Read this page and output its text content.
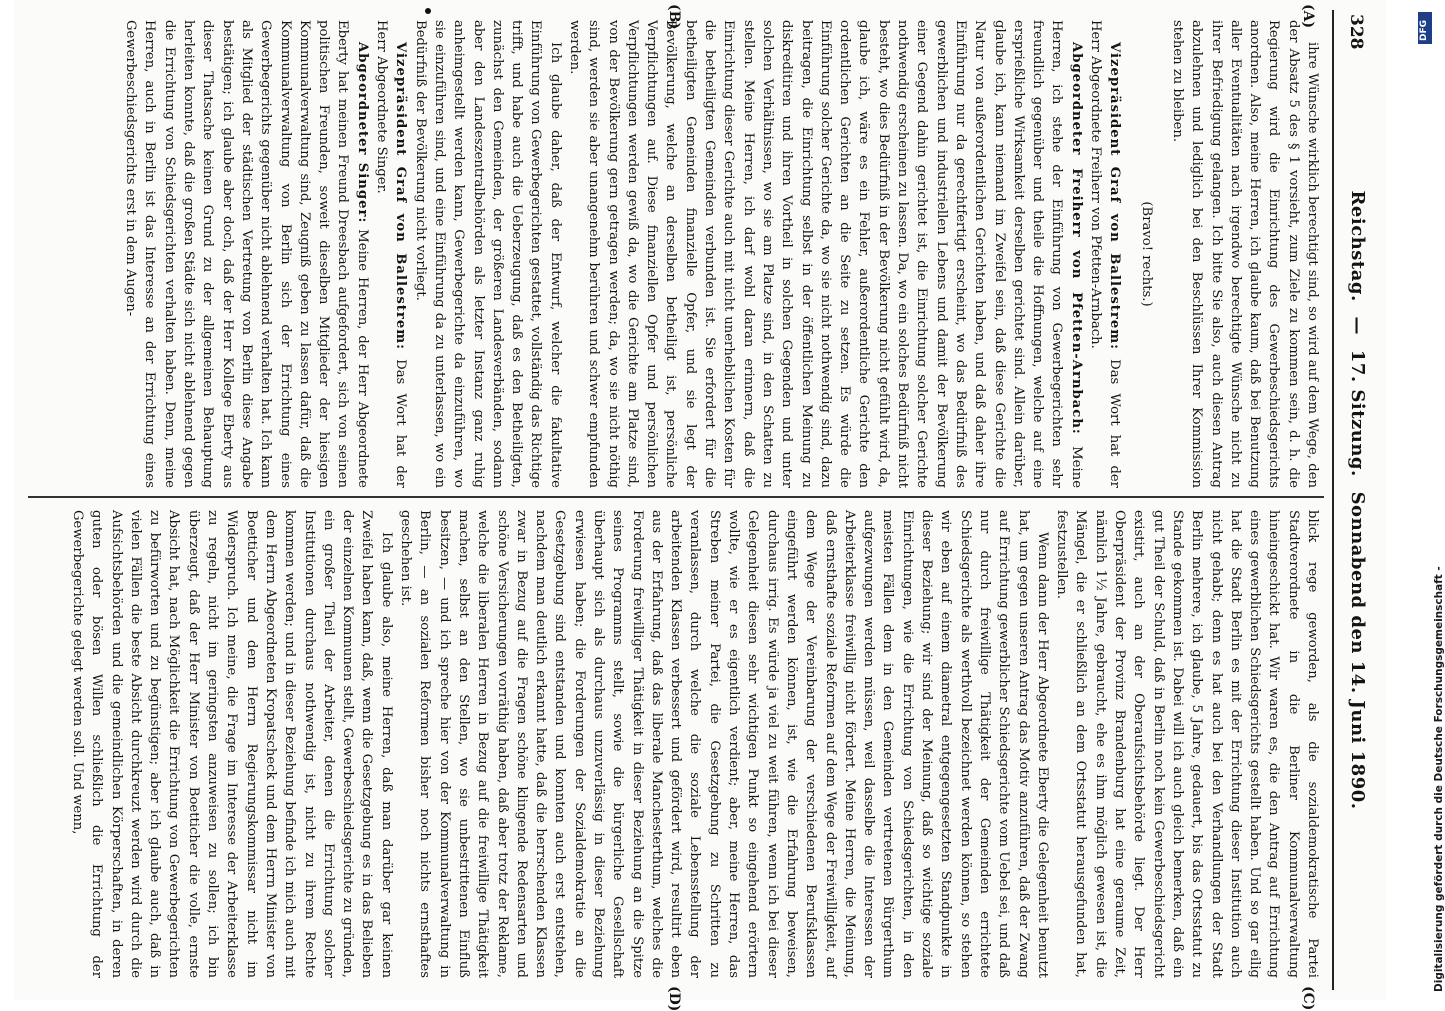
328
Reichstag. — 17. Sitzung. Sonnabend den 14. Juni 1890.
(A)
(B)
(C)
(D)

ihre Wünsche wirklich berechtigt sind, so wird auf dem Wege, den der Absatz 5 des § 1 vorsieht, zum Ziele zu kommen sein, d. h. die Regierung wird die Einrichtung des Gewerbeschiedsgerichts anordnen. Also, meine Herren, ich glaube kaum, daß bei Benutzung aller Eventualitäten nach irgendwo berechtigte Wünsche nicht zu ihrer Befriedigung gelangen. Ich bitte Sie also, auch diesen Antrag abzulehnen und lediglich bei den Beschlüssen Ihrer Kommission stehen zu bleiben.

(Bravo! rechts.)

Vizepräsident Graf von Ballestrem: Das Wort hat der Herr Abgeordnete Freiherr von Pfetten-Arnbach.

Abgeordneter Freiherr von Pfetten-Arnbach: Meine Herren, ich stehe der Einführung von Gewerbegerichten sehr freundlich gegenüber und theile die Hoffnungen, welche auf eine ersprießliche Wirksamkeit derselben gerichtet sind. Allein darüber, glaube ich, kann niemand im Zweifel sein, daß diese Gerichte die Natur von außerordentlichen Gerichten haben, und daß daher ihre Einführung nur da gerechtfertigt erscheint, wo das Bedürfniß des gewerblichen und industriellen Lebens und damit der Bevölkerung einer Gegend dahin gerichtet ist, die Einrichtung solcher Gerichte nothwendig erscheinen zu lassen. Da, wo ein solches Bedürfniß nicht besteht, wo dies Bedürfniß in der Bevölkerung nicht gefühlt wird, da, glaube ich, wäre es ein Fehler, außerordentliche Gerichte den ordentlichen Gerichten an die Seite zu setzen. Es würde die Einführung solcher Gerichte da, wo sie nicht nothwendig sind, dazu beitragen, die Einrichtung selbst in der öffentlichen Meinung zu diskreditiren und ihren Vortheil in solchen Gegenden und unter solchen Verhältnissen, wo sie am Platze sind, in den Schatten zu stellen. Meine Herren, ich darf wohl daran erinnern, daß die Einrichtung dieser Gerichte auch mit nicht unerheblichen Kosten für die betheiligten Gemeinden verbunden ist. Sie erfordert für die betheiligten Gemeinden finanzielle Opfer, und sie legt der Bevölkerung, welche an derselben betheiligt ist, persönliche Verpflichtungen auf. Diese finanziellen Opfer und persönlichen Verpflichtungen werden gewiß da, wo die Gerichte am Platze sind, von der Bevölkerung gern getragen werden; da, wo sie nicht nöthig sind, werden sie aber unangenehm berühren und schwer empfunden werden.

Ich glaube daher, daß der Entwurf, welcher die fakultative Einführung von Gewerbegerichten gestattet, vollständig das Richtige trifft, und habe auch die Ueberzeugung, daß es den Betheiligten, zunächst den Gemeinden, der größeren Landesverbänden, sodann aber den Landeszentralbehörden als letzter Instanz ganz ruhig anheimgestellt werden kann, Gewerbegerichte da einzuführen, wo sie einzuführen sind, und eine Einführung da zu unterlassen, wo ein Bedürfniß der Bevölkerung nicht vorliegt.

Vizepräsident Graf von Ballestrem: Das Wort hat der Herr Abgeordnete Singer.

Abgeordneter Singer: Meine Herren, der Herr Abgeordnete Eberty hat meinen Freund Dreesbach aufgefordert, sich von seinen politischen Freunden, soweit dieselben Mitglieder der hiesigen Kommunalverwaltung sind, Zeugniß geben zu lassen dafür, daß die Kommunalverwaltung von Berlin sich der Errichtung eines Gewerbegerichts gegenüber nicht ablehnend verhalten hat. Ich kann als Mitglied der städtischen Vertretung von Berlin diese Angabe bestätigen; ich glaube aber doch, daß der Herr Kollege Eberty aus dieser Thatsache keinen Grund zu der allgemeinen Behauptung herleiten konnte, daß die großen Städte sich nicht ablehnend gegen die Errichtung von Schiedsgerichten verhalten haben. Denn, meine Herren, auch in Berlin ist das Interesse an der Errichtung eines Gewerbeschiedsgerichts erst in dem Augen-

blick rege geworden, als die sozialdemokratische Partei Stadtverordnete in die Berliner Kommunalverwaltung hineingeschickt hat. Wir waren es, die den Antrag auf Errichtung eines gewerblichen Schiedsgerichts gestellt haben. Und so gar eilig hat die Stadt Berlin es mit der Errichtung dieser Institution auch nicht gehabt; denn es hat auch bei den Verhandlungen der Stadt Berlin mehrere, ich glaube, 5 Jahre, gedauert, bis das Ortsstatut zu Stande gekommen ist. Dabei will ich auch gleich bemerken, daß ein gut Theil der Schuld, daß in Berlin noch kein Gewerbeschiedsgericht existirt, auch an der Oberaufsichtsbehörde liegt. Der Herr Oberpräsident der Provinz Brandenburg hat eine geraume Zeit, nämlich 1½ Jahre, gebraucht, ehe es ihm möglich gewesen ist, die Mängel, die er schließlich an dem Ortsstatut herausgefunden hat, festzustellen.

Wenn dann der Herr Abgeordnete Eberty die Gelegenheit benutzt hat, um gegen unseren Antrag das Motiv anzuführen, daß der Zwang auf Errichtung gewerblicher Schiedsgerichte vom Uebel sei, und daß nur durch freiwillige Thätigkeit der Gemeinden errichtete Schiedsgerichte als werthvoll bezeichnet werden können, so stehen wir eben auf einem diametral entgegengesetzten Standpunkte in dieser Beziehung; wir sind der Meinung, daß so wichtige soziale Einrichtungen, wie die Errichtung von Schiedsgerichten, in den meisten Fällen dem in den Gemeinden vertretenen Bürgerthum aufgezwungen werden müssen, weil dasselbe die Interessen der Arbeiterklasse freiwillig nicht fördert. Meine Herren, die Meinung, daß ernsthafte soziale Reformen auf dem Wege der Freiwilligkeit, auf dem Wege der Vereinbarung der verschiedenen Berufsklassen eingeführt werden können, ist, wie die Erfahrung beweisen, durchaus irrig. Es würde ja viel zu weit führen, wenn ich bei dieser Gelegenheit diesen sehr wichtigen Punkt so eingehend erörtern wollte, wie er es eigentlich verdient; aber, meine Herren, das Streben meiner Partei, die Gesetzgebung zu Schritten zu veranlassen, durch welche die soziale Lebensstellung der arbeitenden Klassen verbessert und gefördert wird, resultirt eben aus der Erfahrung, daß das liberale Manchesterthum, welches die Forderung freiwilliger Thätigkeit in dieser Beziehung an die Spitze seines Programms stellt, sowie die bürgerliche Gesellschaft überhaupt sich als durchaus unzuverlässig in dieser Beziehung erwiesen haben; die Forderungen der Sozialdemokratie an die Gesetzgebung sind entstanden und konnten auch erst entstehen, nachdem man deutlich erkannt hatte, daß die herrschenden Klassen zwar in Bezug auf die Fragen schöne klingende Redensarten und schöne Versicherungen vorräthig haben, daß aber trotz der Reklame, welche die liberalen Herren in Bezug auf die freiwillige Thätigkeit machen, selbst an den Stellen, wo sie unbestrittenen Einfluß besitzen, — und ich spreche hier von der Kommunalverwaltung in Berlin, — an sozialen Reformen bisher noch nichts ernsthaftes geschehen ist.

Ich glaube also, meine Herren, daß man darüber gar keinen Zweifel haben kann, daß, wenn die Gesetzgebung es in das Belieben der einzelnen Kommunen stellt, Gewerbeschiedsgerichte zu gründen, ein großer Theil der Arbeiter, denen die Errichtung solcher Institutionen durchaus nothwendig ist, nicht zu ihrem Rechte kommen werden; und in dieser Beziehung befinde ich mich auch mit dem Herrn Abgeordneten Kropatscheck und dem Herrn Minister von Boetticher und dem Herrn Regierungskommissar nicht im Widerspruch. Ich meine, die Frage im Interesse der Arbeiterklasse zu regeln, nicht im geringsten anzuweisen zu sollen; ich bin überzeugt, daß der Herr Minister von Boetticher die volle, ernste Absicht hat, nach Möglichkeit die Errichtung von Gewerbegerichten zu befürworten und zu begünstigen; aber ich glaube auch, daß in vielen Fällen die beste Absicht durchkreuzt werden wird durch die Aufsichtsbehörden und die gemeindlichen Körperschaften, in deren guten oder bösen Willen schließlich die Errichtung der Gewerbegerichte gelegt werden soll. Und wenn,

DFG
Digitalisierung gefördert durch die Deutsche Forschungsgemeinschaft -
